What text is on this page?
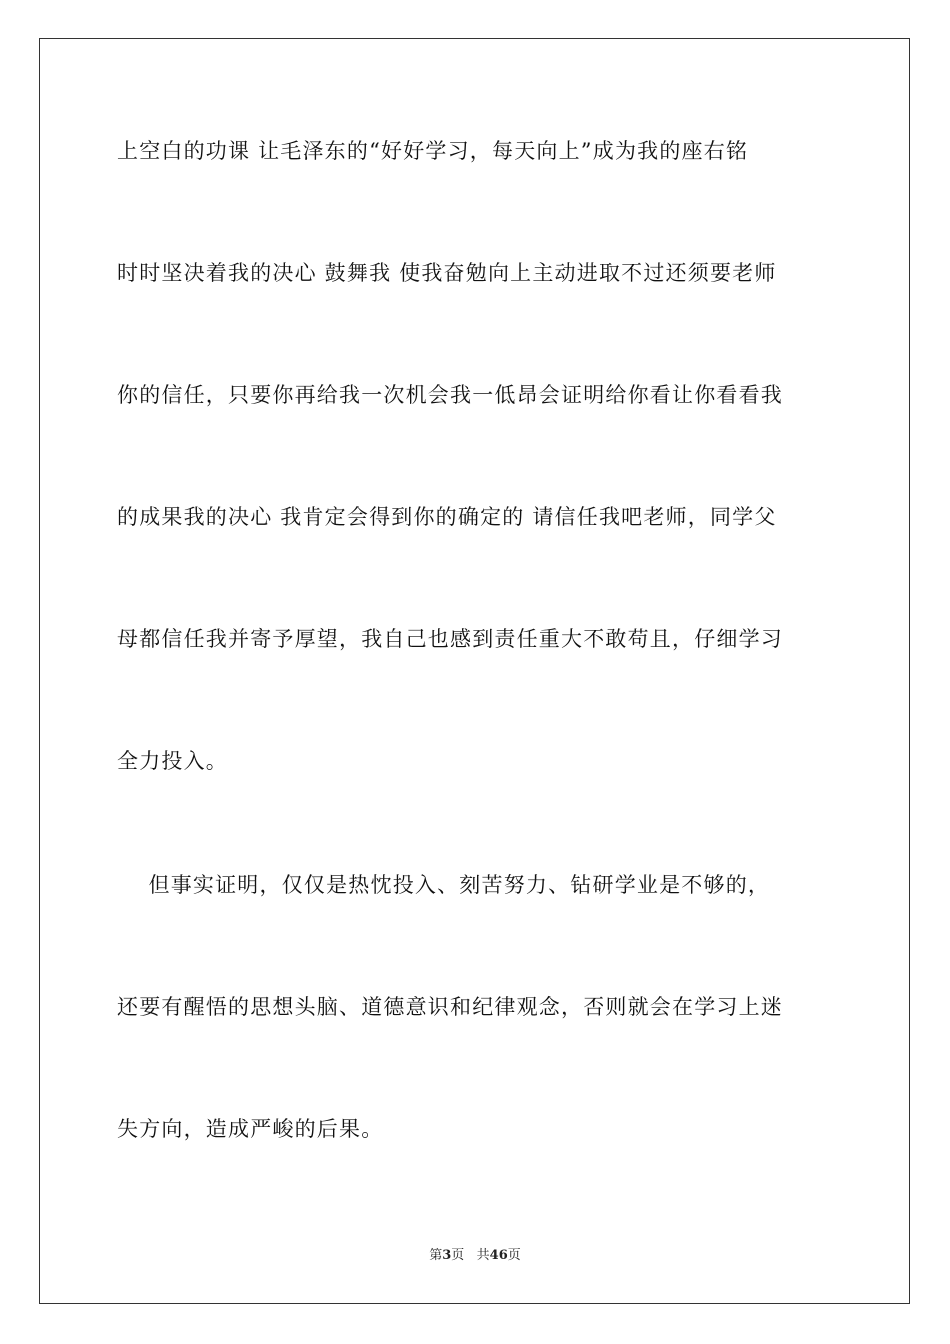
上空白的功课 让毛泽东的“好好学习，每天向上”成为我的座右铭
时时坚决着我的决心 鼓舞我 使我奋勉向上主动进取不过还须要老师
你的信任，只要你再给我一次机会我一低昂会证明给你看让你看看我
的成果我的决心 我肯定会得到你的确定的 请信任我吧老师，同学父
母都信任我并寄予厚望，我自己也感到责任重大不敢苟且，仔细学习
全力投入。
但事实证明，仅仅是热忱投入、刻苦努力、钻研学业是不够的，
还要有醒悟的思想头脑、道德意识和纪律观念，否则就会在学习上迷
失方向，造成严峻的后果。
第3页   共46页
